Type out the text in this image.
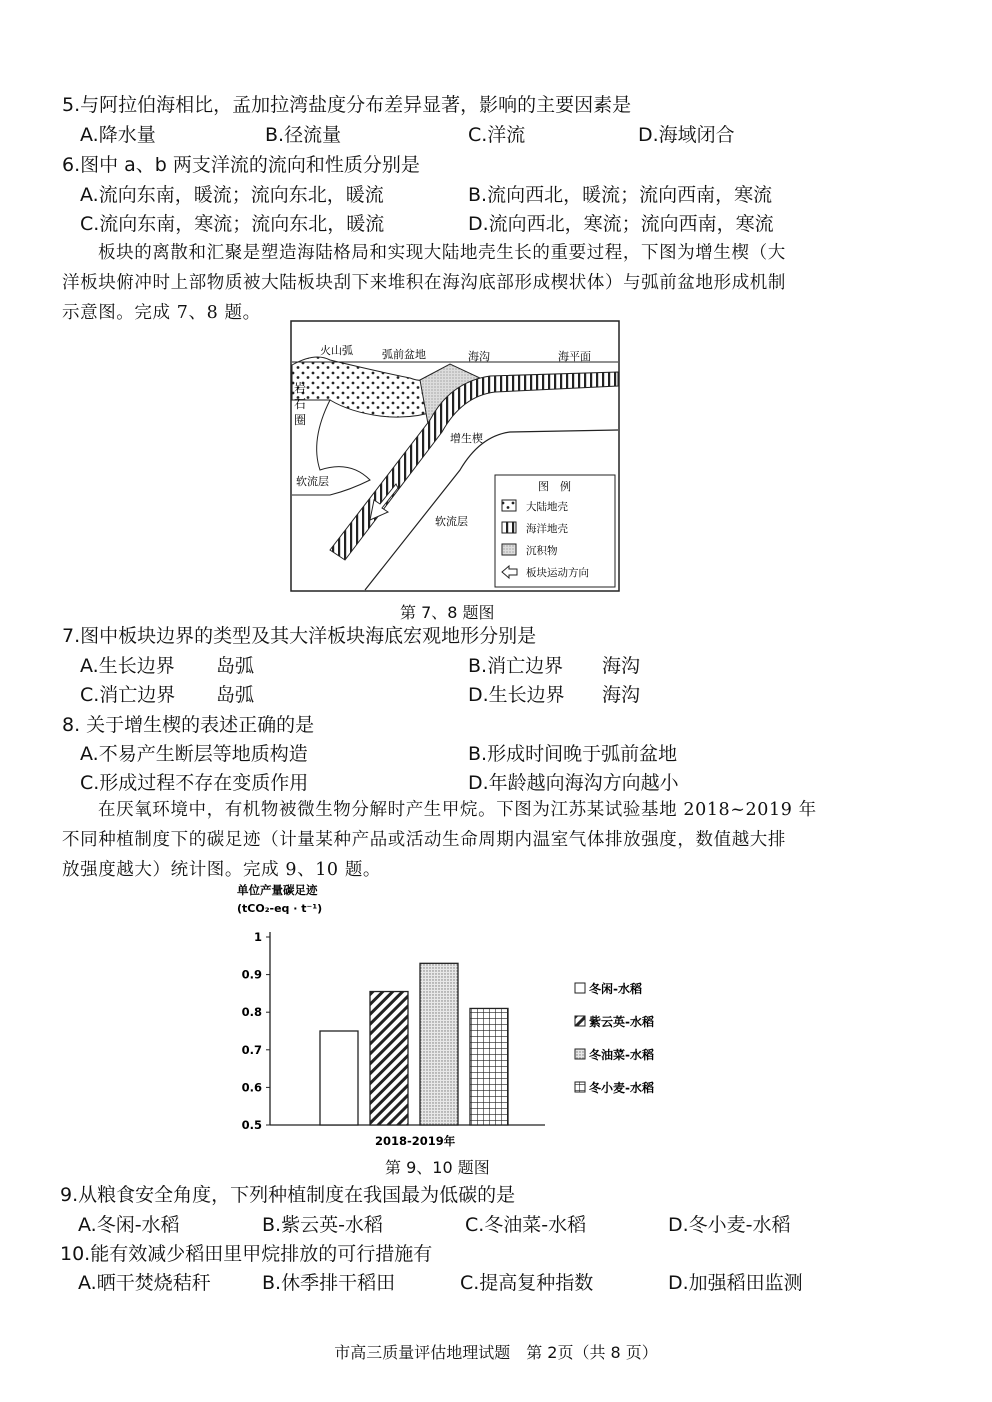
5.与阿拉伯海相比，孟加拉湾盐度分布差异显著，影响的主要因素是
A.降水量	B.径流量	C.洋流	D.海域闭合
6.图中 a、b 两支洋流的流向和性质分别是
A.流向东南，暖流；流向东北，暖流	B.流向西北，暖流；流向西南，寒流
C.流向东南，寒流；流向东北，暖流	D.流向西北，寒流；流向西南，寒流

板块的离散和汇聚是塑造海陆格局和实现大陆地壳生长的重要过程，下图为增生楔（大

洋板块俯冲时上部物质被大陆板块刮下来堆积在海沟底部形成楔状体）与弧前盆地形成机制

示意图。完成 7、8 题。

火山弧	弧前盆地	海沟	海平面
岩
石
圈
增生楔
软流层
软流层
图　例
大陆地壳
海洋地壳
沉积物
板块运动方向
第 7、8 题图
7.图中板块边界的类型及其大洋板块海底宏观地形分别是
A.生长边界 岛弧	B.消亡边界 海沟
C.消亡边界 岛弧	D.生长边界 海沟
8. 关于增生楔的表述正确的是
A.不易产生断层等地质构造	B.形成时间晚于弧前盆地
C.形成过程不存在变质作用	D.年龄越向海沟方向越小

在厌氧环境中，有机物被微生物分解时产生甲烷。下图为江苏某试验基地 2018~2019 年

不同种植制度下的碳足迹（计量某种产品或活动生命周期内温室气体排放强度，数值越大排

放强度越大）统计图。完成 9、10 题。

单位产量碳足迹
(tCO₂-eq · t⁻¹)
0.5
0.6
0.7
0.8
0.9
1
冬闲-水稻
紫云英-水稻
冬油菜-水稻
冬小麦-水稻
2018-2019年
第 9、10 题图
9.从粮食安全角度，下列种植制度在我国最为低碳的是
A.冬闲-水稻	B.紫云英-水稻	C.冬油菜-水稻	D.冬小麦-水稻
10.能有效减少稻田里甲烷排放的可行措施有
A.晒干焚烧秸秆	B.休季排干稻田	C.提高复种指数	D.加强稻田监测
市高三质量评估地理试题　第 2页（共 8 页）
